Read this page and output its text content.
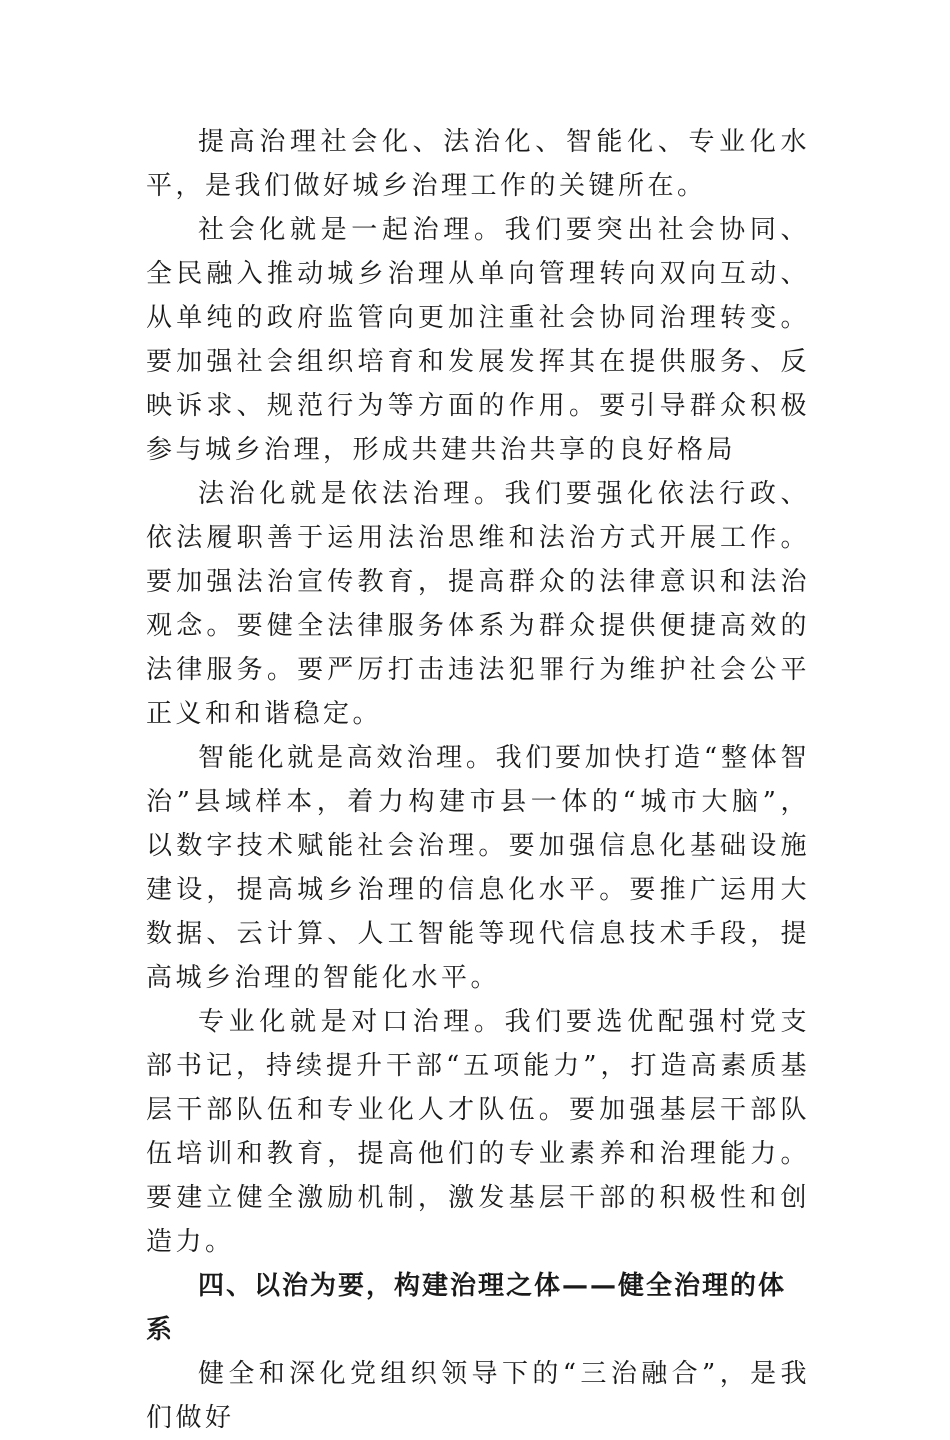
提高治理社会化、法治化、智能化、专业化水平，是我们做好城乡治理工作的关键所在。

社会化就是一起治理。我们要突出社会协同、全民融入推动城乡治理从单向管理转向双向互动、从单纯的政府监管向更加注重社会协同治理转变。要加强社会组织培育和发展发挥其在提供服务、反映诉求、规范行为等方面的作用。要引导群众积极参与城乡治理，形成共建共治共享的良好格局

法治化就是依法治理。我们要强化依法行政、依法履职善于运用法治思维和法治方式开展工作。要加强法治宣传教育，提高群众的法律意识和法治观念。要健全法律服务体系为群众提供便捷高效的法律服务。要严厉打击违法犯罪行为维护社会公平正义和和谐稳定。

智能化就是高效治理。我们要加快打造“整体智治”县域样本，着力构建市县一体的“城市大脑”，以数字技术赋能社会治理。要加强信息化基础设施建设，提高城乡治理的信息化水平。要推广运用大数据、云计算、人工智能等现代信息技术手段，提高城乡治理的智能化水平。

专业化就是对口治理。我们要选优配强村党支部书记，持续提升干部“五项能力”，打造高素质基层干部队伍和专业化人才队伍。要加强基层干部队伍培训和教育，提高他们的专业素养和治理能力。要建立健全激励机制，激发基层干部的积极性和创造力。

四、以治为要，构建治理之体——健全治理的体系

健全和深化党组织领导下的“三治融合”，是我们做好
